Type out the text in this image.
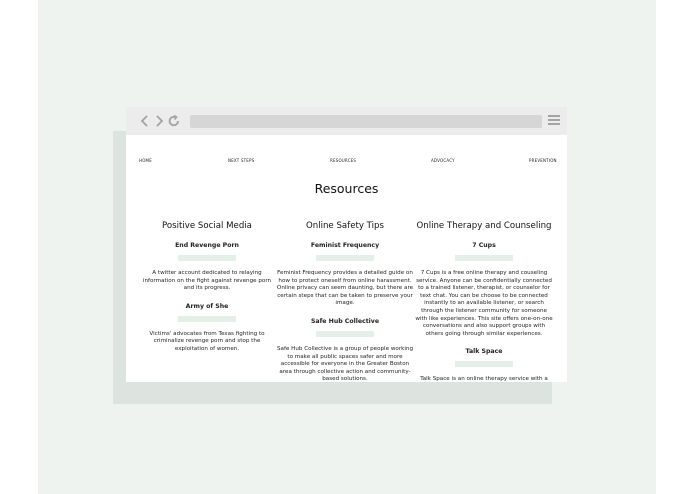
HOME	NEXT STEPS	RESOURCES	ADVOCACY	PREVENTION
Resources
Positive Social Media
End Revenge Porn
A twitter account dedicated to relaying information on the fight against revenge porn and its progress.
Army of She
Victims' advocates from Texas fighting to criminalize revenge porn and stop the exploitation of women.
Online Safety Tips
Feminist Frequency
Feminist Frequency provides a detailed guide on how to protect oneself from online harassment. Online privacy can seem daunting, but there are certain steps that can be taken to preserve your image.
Safe Hub Collective
Safe Hub Collective is a group of people working to make all public spaces safer and more accessible for everyone in the Greater Boston area through collective action and community-based solutions.
Online Therapy and Counseling
7 Cups
7 Cups is a free online therapy and couseling service. Anyone can be confidentially connected to a trained listener, therapist, or counselor for text chat. You can be choose to be connected instantly to an available listener, or search through the listener community for someone with like experiences. This site offers one-on-one conversations and also support groups with others going through similar experiences.
Talk Space
Talk Space is an online therapy service with a
